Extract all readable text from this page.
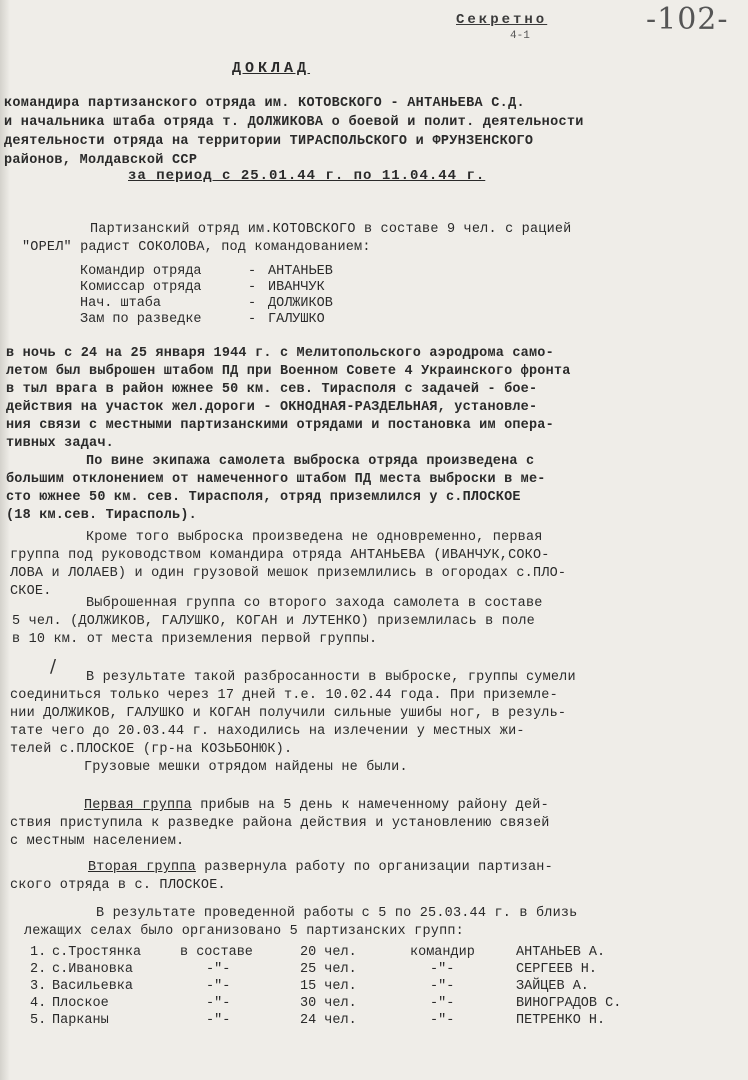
Секретно	-102-
4-1
ДОКЛАД
командира партизанского отряда им. КОТОВСКОГО - АНТАНЬЕВА С.Д.
и начальника штаба отряда т. ДОЛЖИКОВА о боевой и полит. деятельности
деятельности отряда на территории ТИРАСПОЛЬСКОГО и ФРУНЗЕНСКОГО
районов, Молдавской ССР
за период с 25.01.44 г. по 11.04.44 г.
Партизанский отряд им.КОТОВСКОГО в составе 9 чел. с рацией
"ОРЕЛ" радист СОКОЛОВА, под командованием:
Командир отряда	- АНТАНЬЕВ
Комиссар отряда	- ИВАНЧУК
Нач. штаба	- ДОЛЖИКОВ
Зам по разведке	- ГАЛУШКО
в ночь с 24 на 25 января 1944 г. с Мелитопольского аэродрома само-
летом был выброшен штабом ПД при Военном Совете 4 Украинского фронта
в тыл врага в район южнее 50 км. сев. Тирасполя с задачей - бое-
действия на участок жел.дороги - ОКНОДНАЯ-РАЗДЕЛЬНАЯ, установле-
ния связи с местными партизанскими отрядами и постановка им опера-
тивных задач.
По вине экипажа самолета выброска отряда произведена с
большим отклонением от намеченного штабом ПД места выброски в ме-
сто южнее 50 км. сев. Тирасполя, отряд приземлился у с.ПЛОСКОЕ
(18 км.сев. Тирасполь).
Кроме того выброска произведена не одновременно, первая
группа под руководством командира отряда АНТАНЬЕВА (ИВАНЧУК,СОКО-
ЛОВА и ЛОЛАЕВ) и один грузовой мешок приземлились в огородах с.ПЛО-
СКОЕ.
Выброшенная группа со второго захода самолета в составе
5 чел. (ДОЛЖИКОВ, ГАЛУШКО, КОГАН и ЛУТЕНКО) приземлилась в поле
в 10 км. от места приземления первой группы.
/
В результате такой разбросанности в выброске, группы сумели
соединиться только через 17 дней т.е. 10.02.44 года. При приземле-
нии ДОЛЖИКОВ, ГАЛУШКО и КОГАН получили сильные ушибы ног, в резуль-
тате чего до 20.03.44 г. находились на излечении у местных жи-
телей с.ПЛОСКОЕ (гр-на КОЗЬБОНЮК).
Грузовые мешки отрядом найдены не были.
Первая группа прибыв на 5 день к намеченному району дей-
ствия приступила к разведке района действия и установлению связей
с местным населением.
Вторая группа развернула работу по организации партизан-
ского отряда в с. ПЛОСКОЕ.
В результате проведенной работы с 5 по 25.03.44 г. в близь
лежащих селах было организовано 5 партизанских групп:
1. с.Тростянка	в составе	20 чел.	командир	АНТАНЬЕВ А.
2. с.Ивановка	-"-	25 чел.	-"-	СЕРГЕЕВ Н.
3. Васильевка	-"-	15 чел.	-"-	ЗАЙЦЕВ А.
4. Плоское	-"-	30 чел.	-"-	ВИНОГРАДОВ С.
5. Парканы	-"-	24 чел.	-"-	ПЕТРЕНКО Н.
